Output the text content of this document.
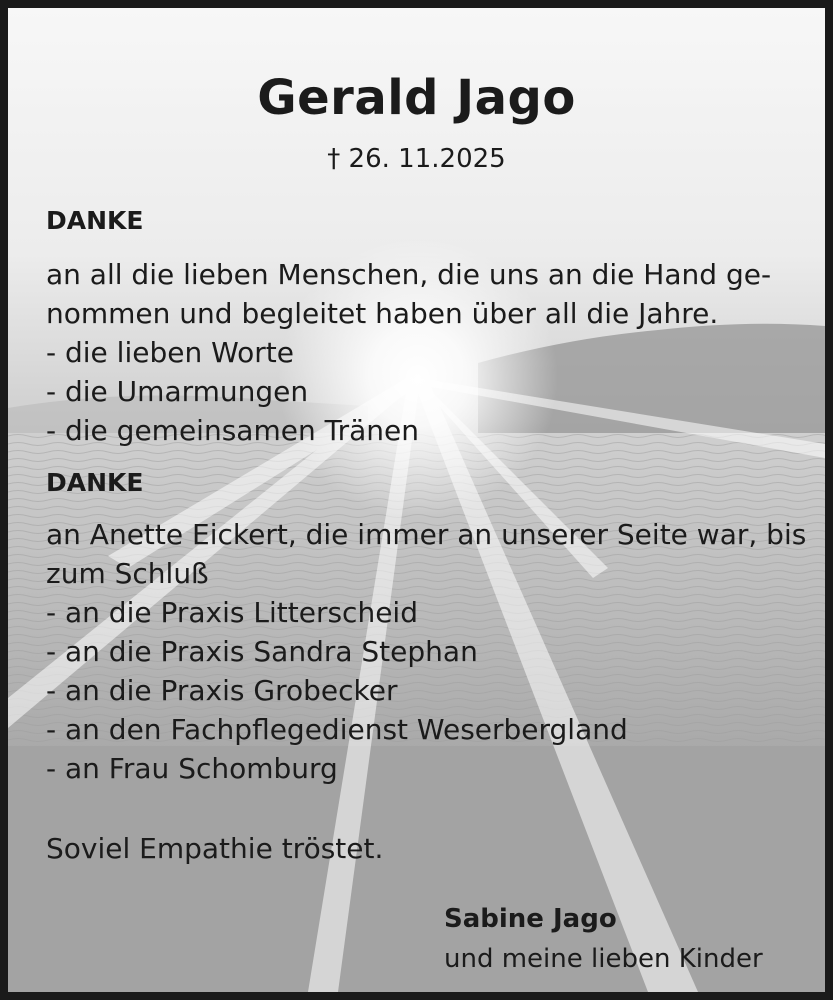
Gerald Jago
† 26. 11.2025
DANKE
an all die lieben Menschen, die uns an die Hand ge-
nommen und begleitet haben über all die Jahre.
- die lieben Worte
- die Umarmungen
- die gemeinsamen Tränen
DANKE
an Anette Eickert, die immer an unserer Seite war, bis
zum Schluß
- an die Praxis Litterscheid
- an die Praxis Sandra Stephan
- an die Praxis Grobecker
- an den Fachpflegedienst Weserbergland
- an Frau Schomburg
Soviel Empathie tröstet.
Sabine Jago
und meine lieben Kinder
